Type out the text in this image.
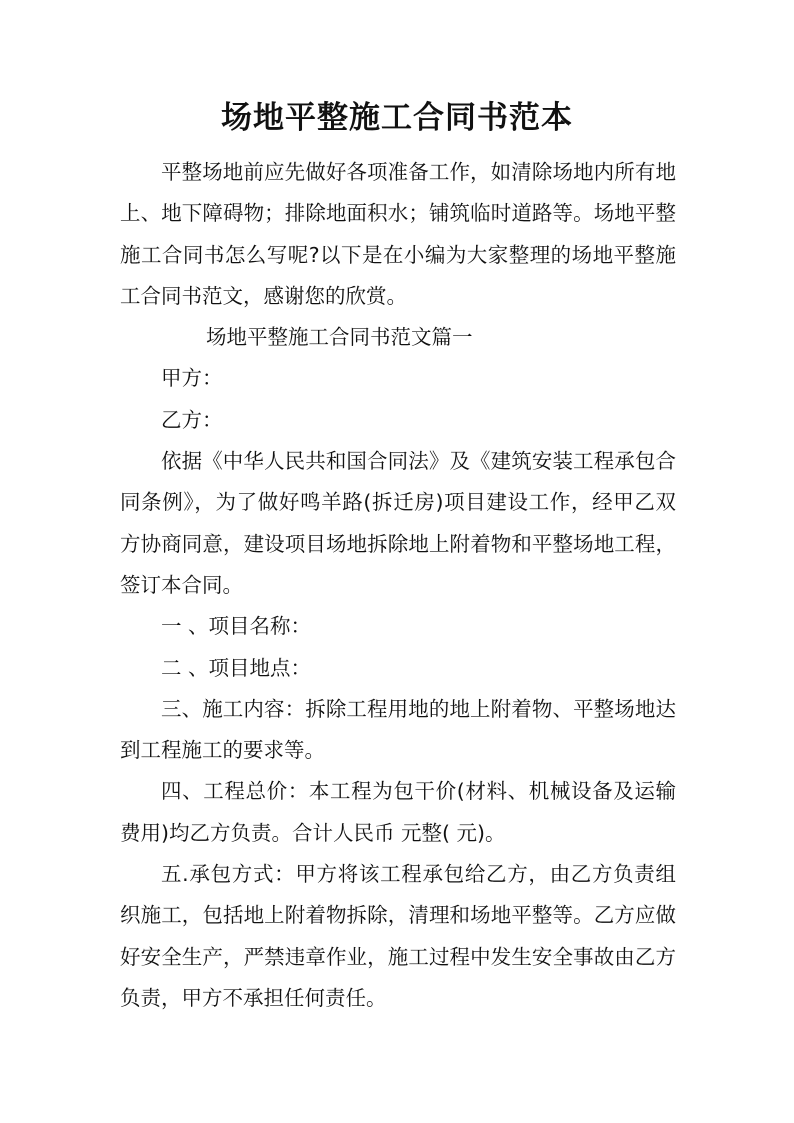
场地平整施工合同书范本

平整场地前应先做好各项准备工作，如清除场地内所有地上、地下障碍物；排除地面积水；铺筑临时道路等。场地平整施工合同书怎么写呢?以下是在小编为大家整理的场地平整施工合同书范文，感谢您的欣赏。

场地平整施工合同书范文篇一

甲方：

乙方：

依据《中华人民共和国合同法》及《建筑安装工程承包合同条例》，为了做好鸣羊路(拆迁房)项目建设工作，经甲乙双方协商同意，建设项目场地拆除地上附着物和平整场地工程，签订本合同。

一 、项目名称：

二 、项目地点：

三、施工内容：拆除工程用地的地上附着物、平整场地达到工程施工的要求等。

四、工程总价：本工程为包干价(材料、机械设备及运输费用)均乙方负责。合计人民币 元整( 元)。

五.承包方式：甲方将该工程承包给乙方，由乙方负责组织施工，包括地上附着物拆除，清理和场地平整等。乙方应做好安全生产，严禁违章作业，施工过程中发生安全事故由乙方负责，甲方不承担任何责任。
